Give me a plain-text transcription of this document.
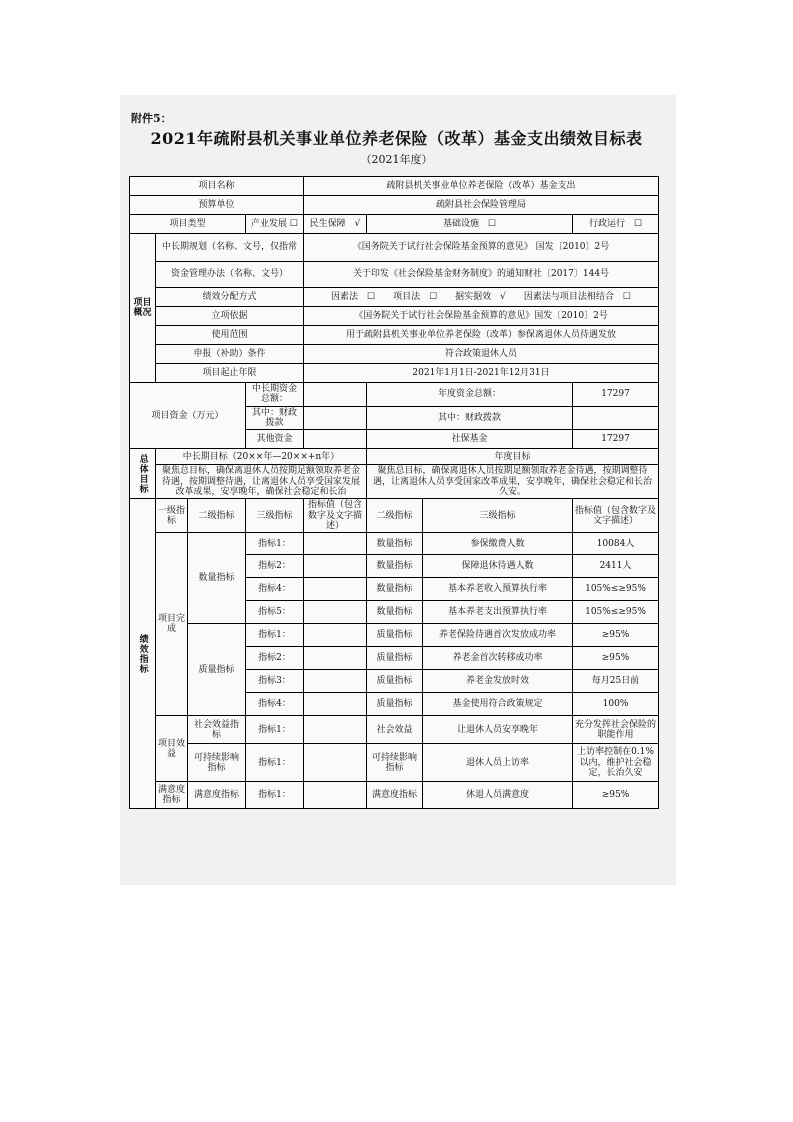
附件5：
2021年疏附县机关事业单位养老保险（改革）基金支出绩效目标表
（2021年度）
项目名称				疏附县机关事业单位养老保险（改革）基金支出			
预算单位				疏附县社会保险管理局			
项目类型			产业发展 ☐	民生保障　√	基础设施　☐		行政运行　☐
项目概况	中长期规划（名称、文号，仅指常			《国务院关于试行社会保险基金预算的意见》 国发〔2010〕2号			
	资金管理办法（名称、文号）			关于印发《社会保险基金财务制度》的通知财社〔2017〕144号			
	绩效分配方式			因素法　☐　　项目法　☐　　据实据效　√　　因素法与项目法相结合　☐			
	立项依据			《国务院关于试行社会保险基金预算的意见》国发〔2010〕2号			
	使用范围			用于疏附县机关事业单位养老保险（改革）参保离退休人员待遇发放			
	申报（补助）条件			符合政策退休人员			
	项目起止年限			2021年1月1日-2021年12月31日			
项目资金（万元）			中长期资金总额：		年度资金总额：		17297
			其中：财政拨款		其中：财政拨款		
			其他资金		社保基金		17297
总体目标	中长期目标（20××年—20××+n年）				年度目标		
	聚焦总目标，确保离退休人员按期足额领取养老金待遇，按期调整待遇，让离退休人员享受国家发展改革成果，安享晚年，确保社会稳定和长治				聚焦总目标，确保离退休人员按期足额领取养老金待遇，按期调整待遇，让离退休人员享受国家改革成果，安享晚年，确保社会稳定和长治久安。		
绩效指标	一级指标	二级指标	三级指标	指标值（包含数字及文字描述）	二级指标	三级指标	指标值（包含数字及文字描述）
	项目完成	数量指标	指标1：		数量指标	参保缴费人数	10084人
			指标2：		数量指标	保障退休待遇人数	2411人
			指标4：		数量指标	基本养老收入预算执行率	105%≤≥95%
			指标5：		数量指标	基本养老支出预算执行率	105%≤≥95%
		质量指标	指标1：		质量指标	养老保险待遇首次发放成功率	≥95%
			指标2：		质量指标	养老金首次转移成功率	≥95%
			指标3：		质量指标	养老金发放时效	每月25日前
			指标4：		质量指标	基金使用符合政策规定	100%
	项目效益	社会效益指标	指标1：		社会效益	让退休人员安享晚年	充分发挥社会保险的职能作用
		可持续影响指标	指标1：		可持续影响指标	退休人员上访率	上访率控制在0.1%以内，维护社会稳定，长治久安
	满意度指标	满意度指标	指标1：		满意度指标	休退人员满意度	≥95%
